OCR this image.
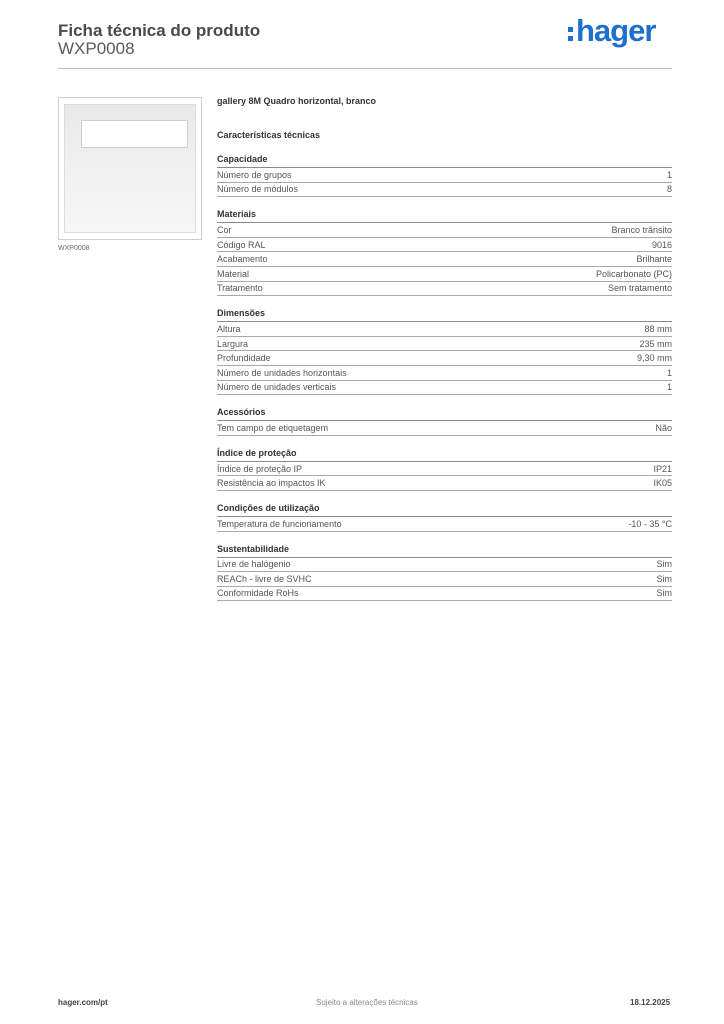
Ficha técnica do produto
WXP0008
hager
WXP0008
gallery 8M Quadro horizontal, branco
Características técnicas
Capacidade
Número de grupos	1
Número de módulos	8
Materiais
Cor	Branco trânsito
Código RAL	9016
Acabamento	Brilhante
Material	Policarbonato (PC)
Tratamento	Sem tratamento
Dimensões
Altura	88 mm
Largura	235 mm
Profundidade	9,30 mm
Número de unidades horizontais	1
Número de unidades verticais	1
Acessórios
Tem campo de etiquetagem	Não
Índice de proteção
Índice de proteção IP	IP21
Resistência ao impactos IK	IK05
Condições de utilização
Temperatura de funcionamento	-10 - 35 °C
Sustentabilidade
Livre de halógenio	Sim
REACh - livre de SVHC	Sim
Conformidade RoHs	Sim
hager.com/pt	Sujeito a alterações técnicas	18.12.2025
